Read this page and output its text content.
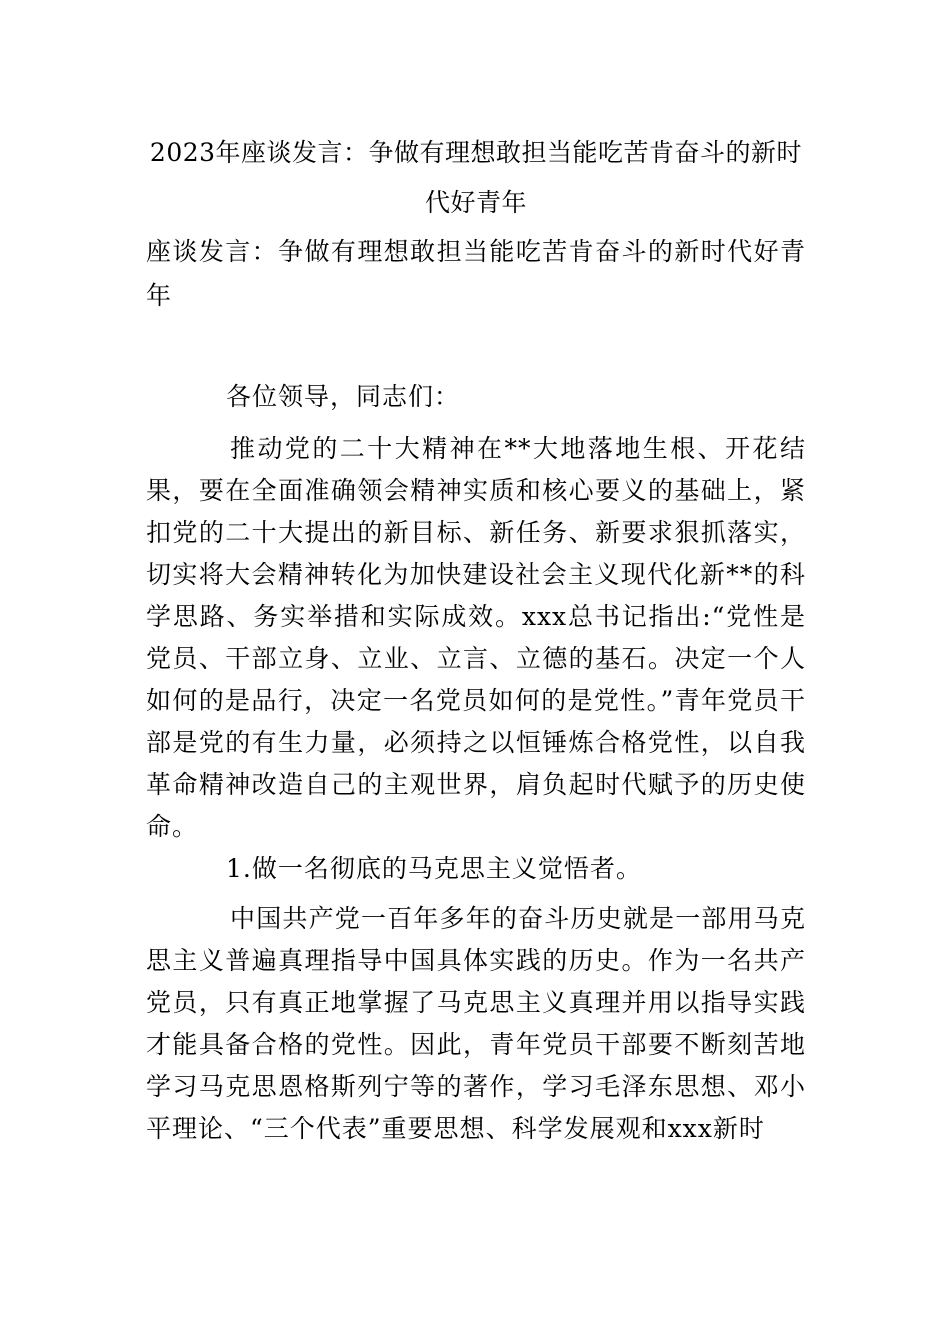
2023年座谈发言：争做有理想敢担当能吃苦肯奋斗的新时代好青年

座谈发言：争做有理想敢担当能吃苦肯奋斗的新时代好青年

各位领导，同志们：

推动党的二十大精神在**大地落地生根、开花结果，要在全面准确领会精神实质和核心要义的基础上，紧扣党的二十大提出的新目标、新任务、新要求狠抓落实，切实将大会精神转化为加快建设社会主义现代化新**的科学思路、务实举措和实际成效。xxx总书记指出:“党性是党员、干部立身、立业、立言、立德的基石。决定一个人如何的是品行，决定一名党员如何的是党性。”青年党员干部是党的有生力量，必须持之以恒锤炼合格党性，以自我革命精神改造自己的主观世界，肩负起时代赋予的历史使命。

1.做一名彻底的马克思主义觉悟者。

中国共产党一百年多年的奋斗历史就是一部用马克思主义普遍真理指导中国具体实践的历史。作为一名共产党员，只有真正地掌握了马克思主义真理并用以指导实践才能具备合格的党性。因此，青年党员干部要不断刻苦地学习马克思恩格斯列宁等的著作，学习毛泽东思想、邓小平理论、“三个代表”重要思想、科学发展观和xxx新时
